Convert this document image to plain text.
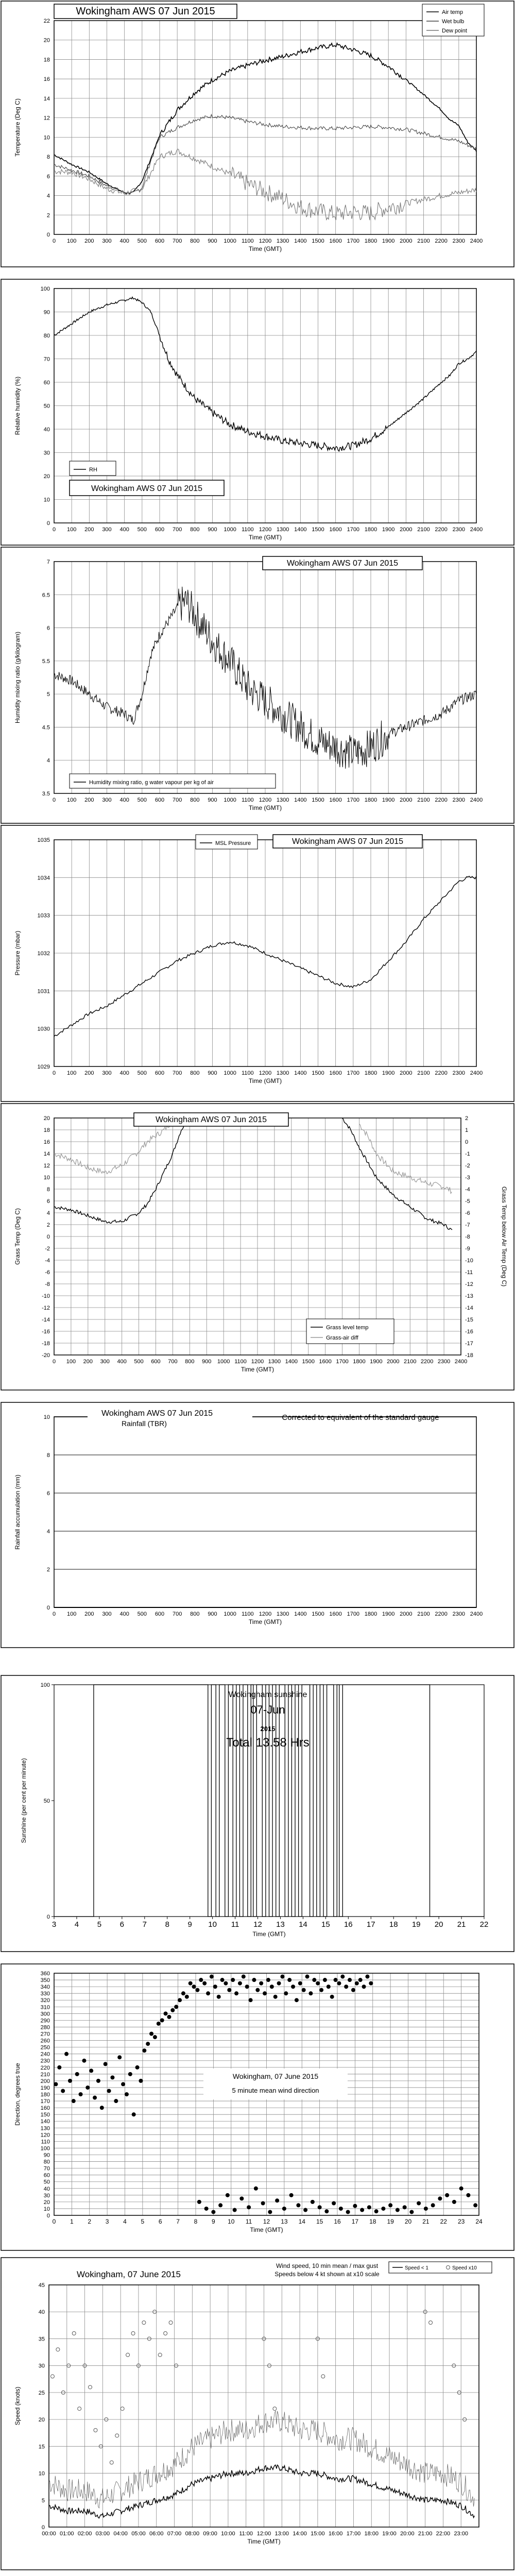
0
2
4
6
8
10
12
14
16
18
20
22
0 100 200 300 400 500 600 700 800 900 1000 1100 1200 1300 1400 1500 1600 1700 1800 1900 2000 2100 2200 2300 2400
Time (GMT)
Temperature (Deg C)
Wokingham AWS 07 Jun 2015	Air temp
Wet bulb
Dew point
0
10
20
30
40
50
60
70
80
90
100
0 100 200 300 400 500 600 700 800 900 1000 1100 1200 1300 1400 1500 1600 1700 1800 1900 2000 2100 2200 2300 2400
Time (GMT)
Relative humidity (%)
RH
Wokingham AWS 07 Jun 2015
3.5
4
4.5
5
5.5
6
6.5
7
0 100 200 300 400 500 600 700 800 900 1000 1100 1200 1300 1400 1500 1600 1700 1800 1900 2000 2100 2200 2300 2400
Time (GMT)
Humidity mixing ratio (g/kilogram)
Wokingham AWS 07 Jun 2015
Humidity mixing ratio, g water vapour per kg of air
1029
1030
1031
1032
1033
1034
1035
0 100 200 300 400 500 600 700 800 900 1000 1100 1200 1300 1400 1500 1600 1700 1800 1900 2000 2100 2200 2300 2400
Time (GMT)
Pressure (mbar)
MSL Pressure	Wokingham AWS 07 Jun 2015
-20
-18
-16
-14
-12
-10
-8
-6
-4
-2
0
2
4
6
8
10
12
14
16
18
20
0 100 200 300 400 500 600 700 800 900 1000 1100 1200 1300 1400 1500 1600 1700 1800 1900 2000 2100 2200 2300 2400
Time (GMT)
Grass Temp (Deg C)
-18
-17
-16
-15
-14
-13
-12
-11
-10
-9
-8
-7
-6
-5
-4
-3
-2
-1
0
1
2
Grass Temp below Air Temp (Deg C)
Wokingham AWS 07 Jun 2015
Grass level temp
Grass-air diff
0
2
4
6
8
10
0 100 200 300 400 500 600 700 800 900 1000 1100 1200 1300 1400 1500 1600 1700 1800 1900 2000 2100 2200 2300 2400
Time (GMT)
Rainfall accumulation (mm)
Wokingham AWS 07 Jun 2015
Rainfall (TBR)
Corrected to equivalent of the standard gauge
0
50
100
3 4 5 6 7 8 9 10 11 12 13 14 15 16 17 18 19 20 21 22
Time (GMT)
Sunshine (per cent per minute)
Wokingham sunshine
07-Jun
2015
Total 13.58 Hrs
0
10
20
30
40
50
60
70
80
90
100
110
120
130
140
150
160
170
180
190
200
210
220
230
240
250
260
270
280
290
300
310
320
330
340
350
360
0 1 2 3 4 5 6 7 8 9 10 11 12 13 14 15 16 17 18 19 20 21 22 23 24
Time (GMT)
Direction, degrees true	Wokingham, 07 June 2015
5 minute mean wind direction
0
5
10
15
20
25
30
35
40
45
00:00 01:00 02:00 03:00 04:00 05:00 06:00 07:00 08:00 09:00 10:00 11:00 12:00 13:00 14:00 15:00 16:00 17:00 18:00 19:00 20:00 21:00 22:00 23:00
Time (GMT)
Speed (knots)
Wokingham, 07 June 2015
Wind speed, 10 min mean / max gust
Speeds below 4 kt shown at x10 scale
Speed < 1	Speed x10
